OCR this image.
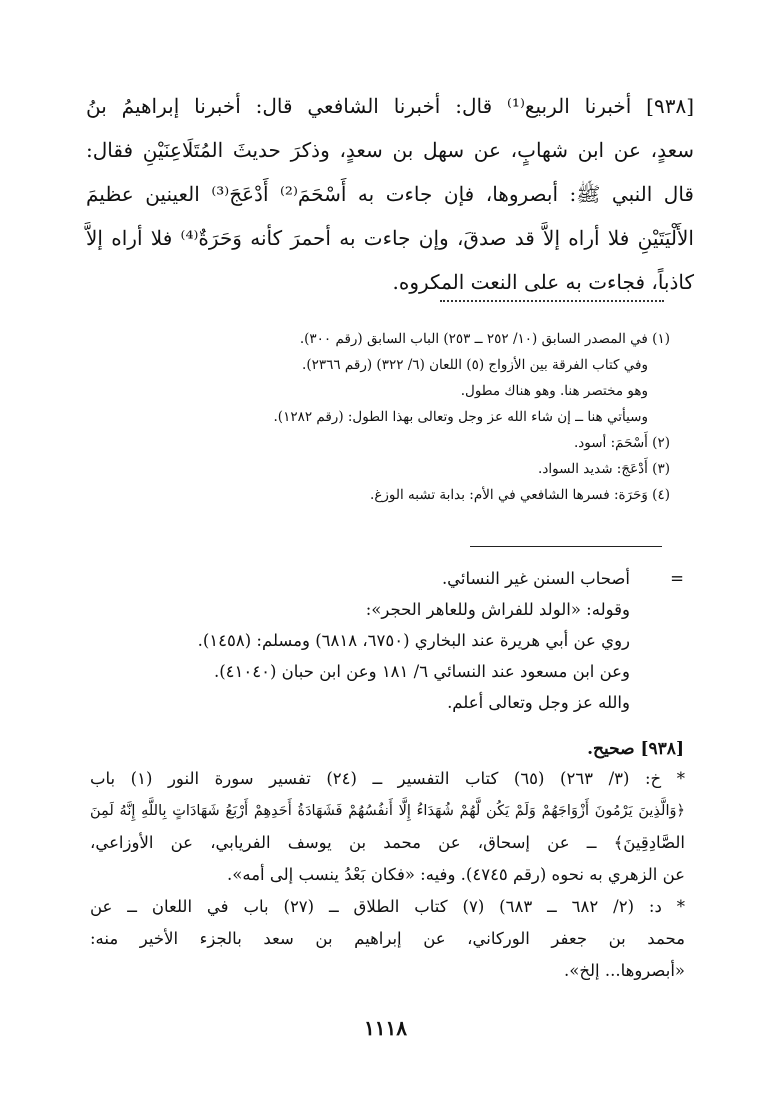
[٩٣٨] أخبرنا الربيع⁽¹⁾ قال: أخبرنا الشافعي قال: أخبرنا إبراهيمُ بنُ
سعدٍ، عن ابن شهابٍ، عن سهل بن سعدٍ، وذكرَ حديثَ المُتَلَاعِنَيْنِ فقال:
قال النبي ﷺ: أبصروها، فإن جاءت به أَسْحَمَ⁽²⁾ أَدْعَجَ⁽³⁾ العينين عظيمَ
الأَلْيَتَيْنِ فلا أراه إلاَّ قد صدقَ، وإن جاءت به أحمرَ كأنه وَحَرَةٌ⁽⁴⁾ فلا أراه إلاَّ
كاذباً، فجاءت به على النعت المكروه.
(١) في المصدر السابق (١٠/ ٢٥٢ ــ ٢٥٣) الباب السابق (رقم ٣٠٠).
وفي كتاب الفرقة بين الأزواج (٥) اللعان (٦/ ٣٢٢) (رقم ٢٣٦٦).
وهو مختصر هنا. وهو هناك مطول.
وسيأتي هنا ــ إن شاء الله عز وجل وتعالى بهذا الطول: (رقم ١٢٨٢).
(٢) أَسْحَمَ: أسود.
(٣) أَدْعَجَ: شديد السواد.
(٤) وَحَرَة: فسرها الشافعي في الأم: بدابة تشبه الوزغ.
=
أصحاب السنن غير النسائي.
وقوله: «الولد للفراش وللعاهر الحجر»:
روي عن أبي هريرة عند البخاري (٦٧٥٠، ٦٨١٨) ومسلم: (١٤٥٨).
وعن ابن مسعود عند النسائي ٦/ ١٨١ وعن ابن حبان (٤١٠٤٠).
والله عز وجل وتعالى أعلم.
[٩٣٨] صحيح.
* خ: (٣/ ٢٦٣) (٦٥) كتاب التفسير ــ (٢٤) تفسير سورة النور (١) باب
﴿وَالَّذِينَ يَرْمُونَ أَزْوَاجَهُمْ وَلَمْ يَكُن لَّهُمْ شُهَدَاءُ إِلَّا أَنفُسُهُمْ فَشَهَادَةُ أَحَدِهِمْ أَرْبَعُ شَهَادَاتٍ بِاللَّهِ إِنَّهُ لَمِنَ
الصَّادِقِينَ﴾ ــ عن إسحاق، عن محمد بن يوسف الفريابي، عن الأوزاعي،
عن الزهري به نحوه (رقم ٤٧٤٥). وفيه: «فكان بَعْدُ ينسب إلى أمه».
* د: (٢/ ٦٨٢ ــ ٦٨٣) (٧) كتاب الطلاق ــ (٢٧) باب في اللعان ــ عن
محمد بن جعفر الوركاني، عن إبراهيم بن سعد بالجزء الأخير منه:
«أبصروها... إلخ».
١١١٨
